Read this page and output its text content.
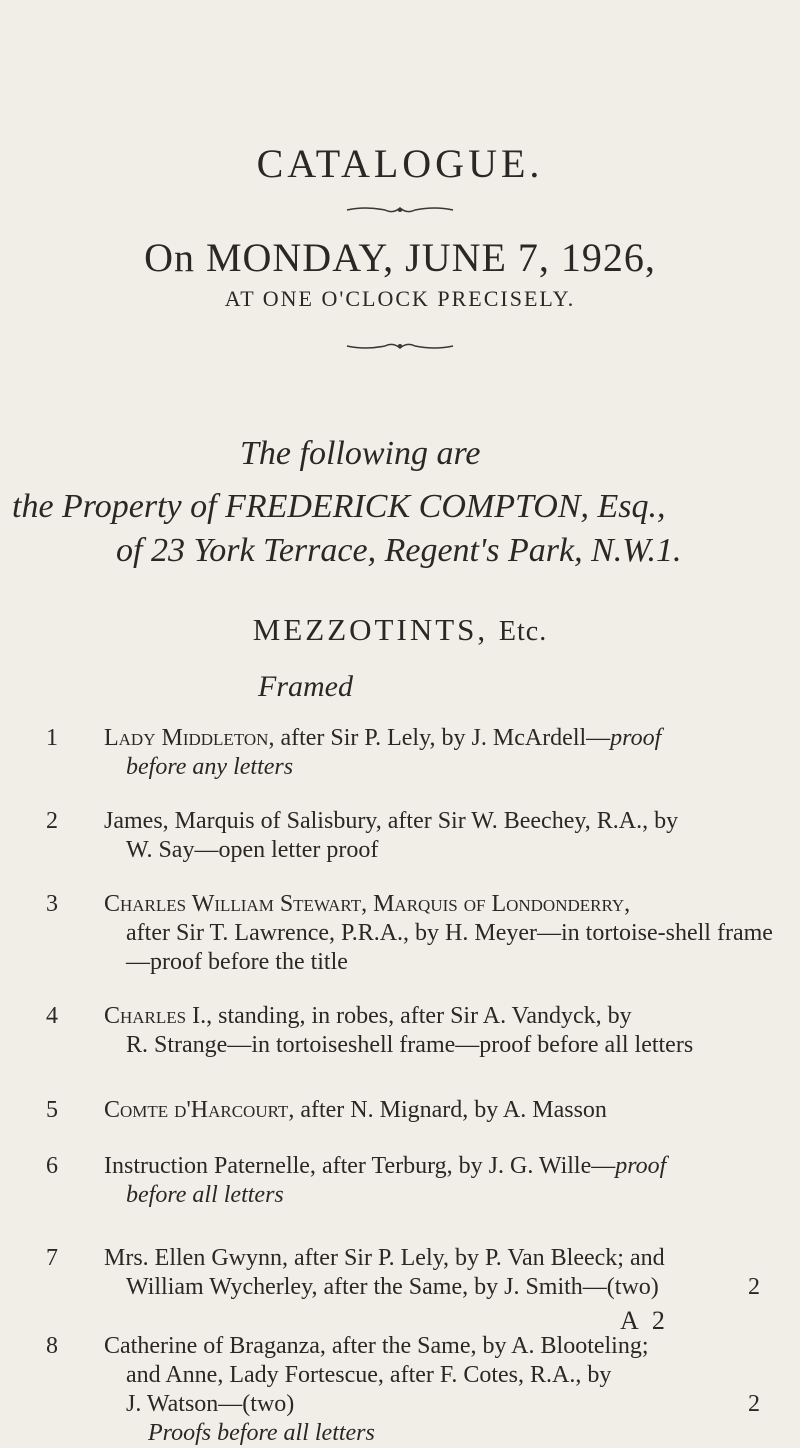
CATALOGUE.
On MONDAY, JUNE 7, 1926,
AT ONE O'CLOCK PRECISELY.
The following are
the Property of FREDERICK COMPTON, Esq.,
of 23 York Terrace, Regent's Park, N.W.1.
MEZZOTINTS, Etc.
Framed
1 Lady Middleton, after Sir P. Lely, by J. McArdell—proof
before any letters
2 James, Marquis of Salisbury, after Sir W. Beechey, R.A., by
W. Say—open letter proof
3 Charles William Stewart, Marquis of Londonderry,
after Sir T. Lawrence, P.R.A., by H. Meyer—in tortoise-shell frame—proof before the title
4 Charles I., standing, in robes, after Sir A. Vandyck, by
R. Strange—in tortoiseshell frame—proof before all letters
5 Comte d'Harcourt, after N. Mignard, by A. Masson
6 Instruction Paternelle, after Terburg, by J. G. Wille—proof
before all letters
7 Mrs. Ellen Gwynn, after Sir P. Lely, by P. Van Bleeck; and
William Wycherley, after the Same, by J. Smith—(two)	2
8 Catherine of Braganza, after the Same, by A. Blooteling;
and Anne, Lady Fortescue, after F. Cotes, R.A., by
J. Watson—(two)
Proofs before all letters
2
A 2
